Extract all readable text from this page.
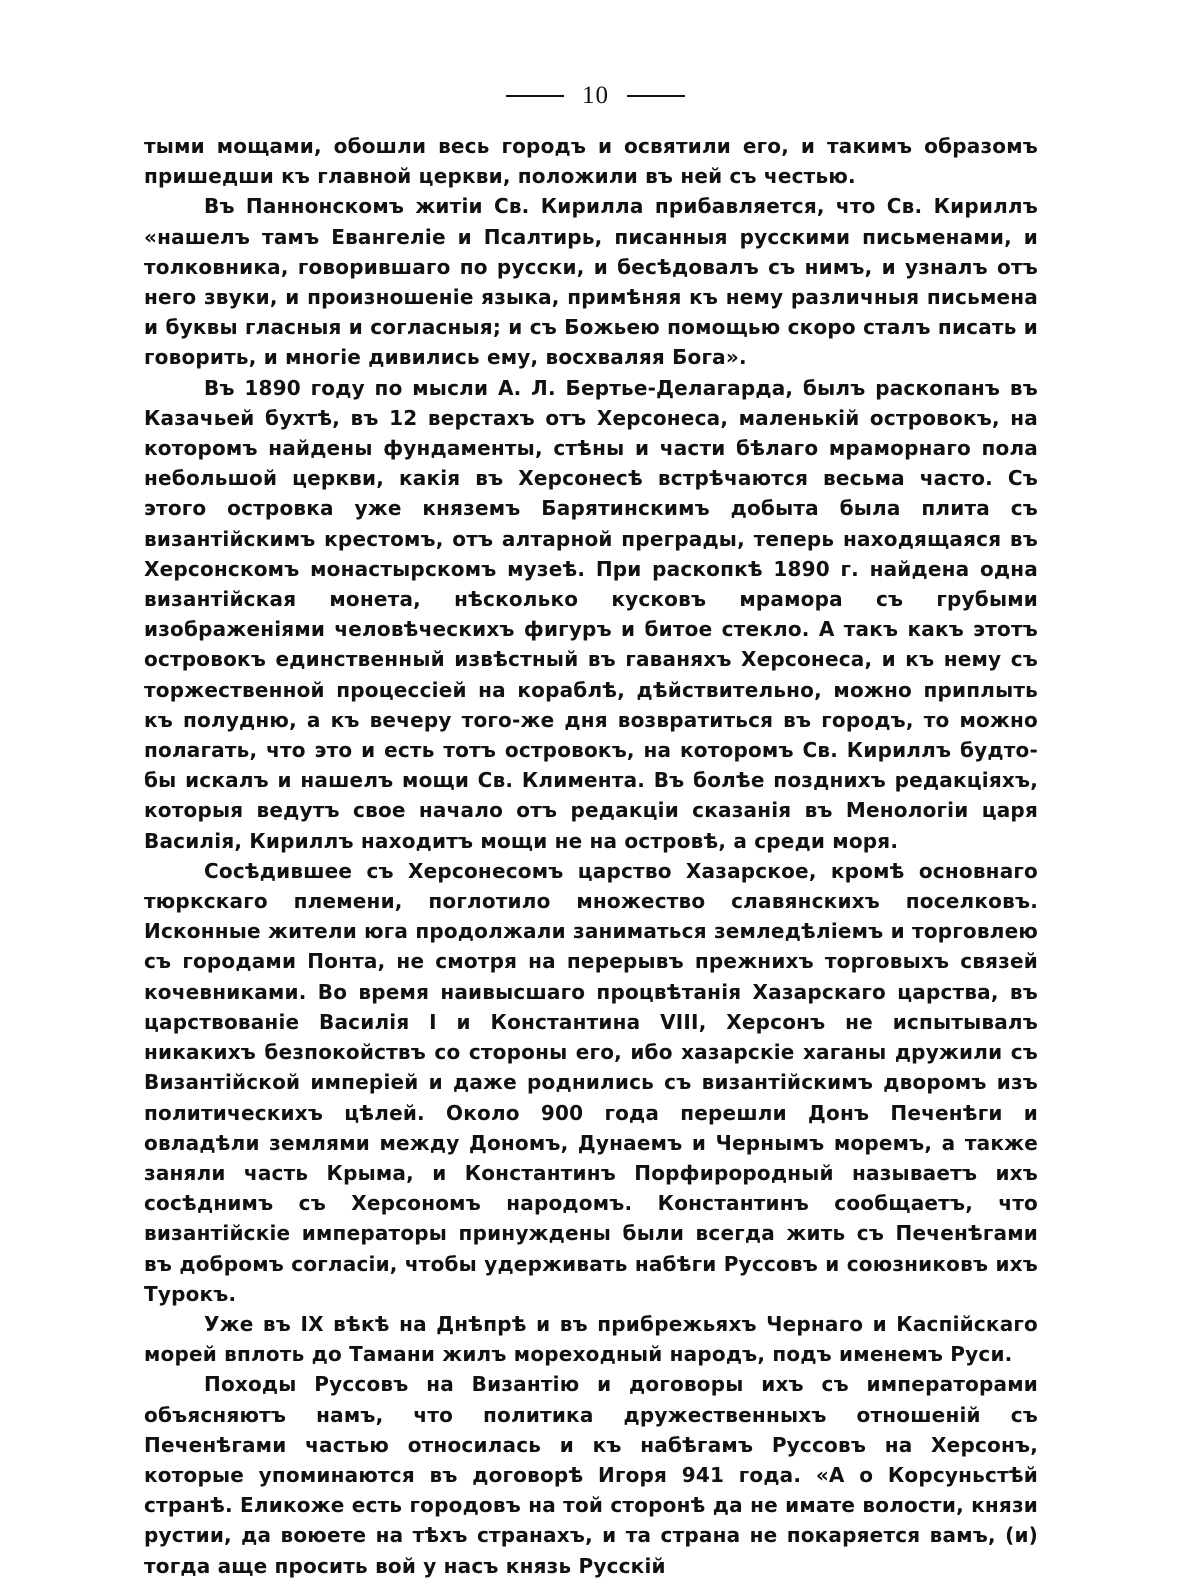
10

тыми мощами, обошли весь городъ и освятили его, и такимъ образомъ пришедши къ главной церкви, положили въ ней съ честью.

Въ Паннонскомъ житіи Св. Кирилла прибавляется, что Св. Кириллъ «нашелъ тамъ Евангеліе и Псалтирь, писанныя русскими письменами, и толковника, говорившаго по русски, и бесѣдовалъ съ нимъ, и узналъ отъ него звуки, и произношеніе языка, примѣняя къ нему различныя письмена и буквы гласныя и согласныя; и съ Божьею помощью скоро сталъ писать и говорить, и многіе дивились ему, восхваляя Бога».

Въ 1890 году по мысли А. Л. Бертье-Делагарда, былъ раскопанъ въ Казачьей бухтѣ, въ 12 верстахъ отъ Херсонеса, маленькій островокъ, на которомъ найдены фундаменты, стѣны и части бѣлаго мраморнаго пола небольшой церкви, какія въ Херсонесѣ встрѣчаются весьма часто. Съ этого островка уже княземъ Барятинскимъ добыта была плита съ византійскимъ крестомъ, отъ алтарной преграды, теперь находящаяся въ Херсонскомъ монастырскомъ музеѣ. При раскопкѣ 1890 г. найдена одна византійская монета, нѣсколько кусковъ мрамора съ грубыми изображеніями человѣческихъ фигуръ и битое стекло. А такъ какъ этотъ островокъ единственный извѣстный въ гаваняхъ Херсонеса, и къ нему съ торжественной процессіей на кораблѣ, дѣйствительно, можно приплыть къ полудню, а къ вечеру того-же дня возвратиться въ городъ, то можно полагать, что это и есть тотъ островокъ, на которомъ Св. Кириллъ будто-бы искалъ и нашелъ мощи Св. Климента. Въ болѣе позднихъ редакціяхъ, которыя ведутъ свое начало отъ редакціи сказанія въ Менологіи царя Василія, Кириллъ находитъ мощи не на островѣ, а среди моря.

Сосѣдившее съ Херсонесомъ царство Хазарское, кромѣ основнаго тюркскаго племени, поглотило множество славянскихъ поселковъ. Исконные жители юга продолжали заниматься земледѣліемъ и торговлею съ городами Понта, не смотря на перерывъ прежнихъ торговыхъ связей кочевниками. Во время наивысшаго процвѣтанія Хазарскаго царства, въ царствованіе Василія I и Константина VIII, Херсонъ не испытывалъ никакихъ безпокойствъ со стороны его, ибо хазарскіе хаганы дружили съ Византійской имперіей и даже роднились съ византійскимъ дворомъ изъ политическихъ цѣлей. Около 900 года перешли Донъ Печенѣги и овладѣли землями между Дономъ, Дунаемъ и Чернымъ моремъ, а также заняли часть Крыма, и Константинъ Порфирородный называетъ ихъ сосѣднимъ съ Херсономъ народомъ. Константинъ сообщаетъ, что византійскіе императоры принуждены были всегда жить съ Печенѣгами въ добромъ согласіи, чтобы удерживать набѣги Руссовъ и союзниковъ ихъ Турокъ.

Уже въ IX вѣкѣ на Днѣпрѣ и въ прибрежьяхъ Чернаго и Каспійскаго морей вплоть до Тамани жилъ мореходный народъ, подъ именемъ Руси.

Походы Руссовъ на Византію и договоры ихъ съ императорами объясняютъ намъ, что политика дружественныхъ отношеній съ Печенѣгами частью относилась и къ набѣгамъ Руссовъ на Херсонъ, которые упоминаются въ договорѣ Игоря 941 года. «А о Корсуньстѣй странѣ. Еликоже есть городовъ на той сторонѣ да не имате волости, князи рустии, да воюете на тѣхъ странахъ, и та страна не покаряется вамъ, (и) тогда аще просить вой у насъ князь Русскій
